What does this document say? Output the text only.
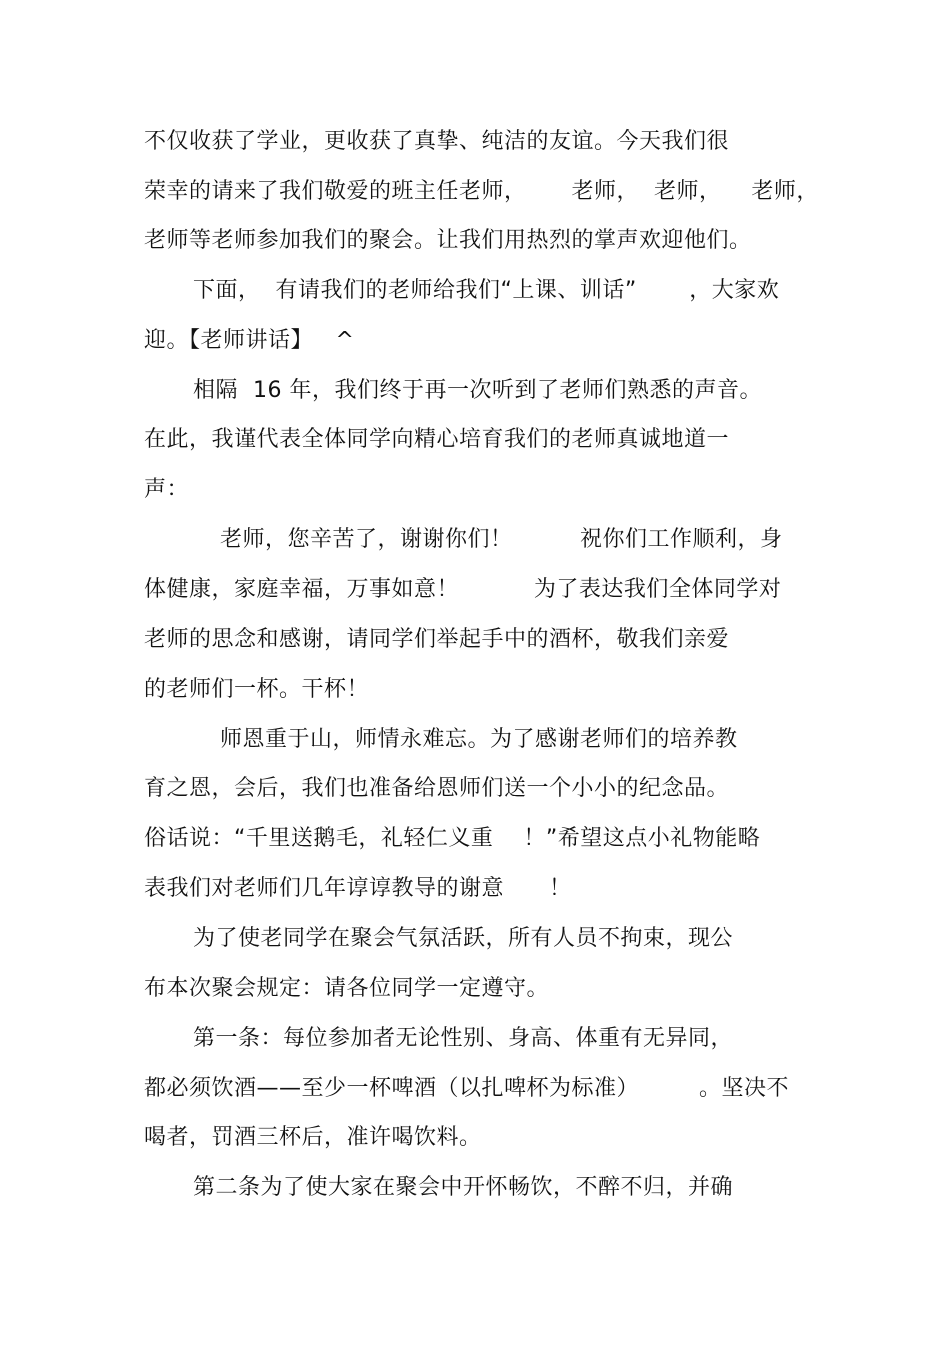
不仅收获了学业，更收获了真挚、纯洁的友谊。今天我们很
荣幸的请来了我们敬爱的班主任老师，      老师，  老师，    老师，
老师等老师参加我们的聚会。让我们用热烈的掌声欢迎他们。
下面，  有请我们的老师给我们“上课、训话”       ，大家欢
迎。【老师讲话】   ^
相隔  16 年，我们终于再一次听到了老师们熟悉的声音。
在此，我谨代表全体同学向精心培育我们的老师真诚地道一
声：
老师，您辛苦了，谢谢你们！         祝你们工作顺利，身
体健康，家庭幸福，万事如意！          为了表达我们全体同学对
老师的思念和感谢，请同学们举起手中的酒杯，敬我们亲爱
的老师们一杯。干杯！
师恩重于山，师情永难忘。为了感谢老师们的培养教
育之恩，会后，我们也准备给恩师们送一个小小的纪念品。
俗话说：“千里送鹅毛，礼轻仁义重    ！”希望这点小礼物能略
表我们对老师们几年谆谆教导的谢意      ！
为了使老同学在聚会气氛活跃，所有人员不拘束，现公
布本次聚会规定：请各位同学一定遵守。
第一条：每位参加者无论性别、身高、体重有无异同，
都必须饮酒——至少一杯啤酒（以扎啤杯为标准）        。坚决不
喝者，罚酒三杯后，准许喝饮料。
第二条为了使大家在聚会中开怀畅饮，不醉不归，并确
